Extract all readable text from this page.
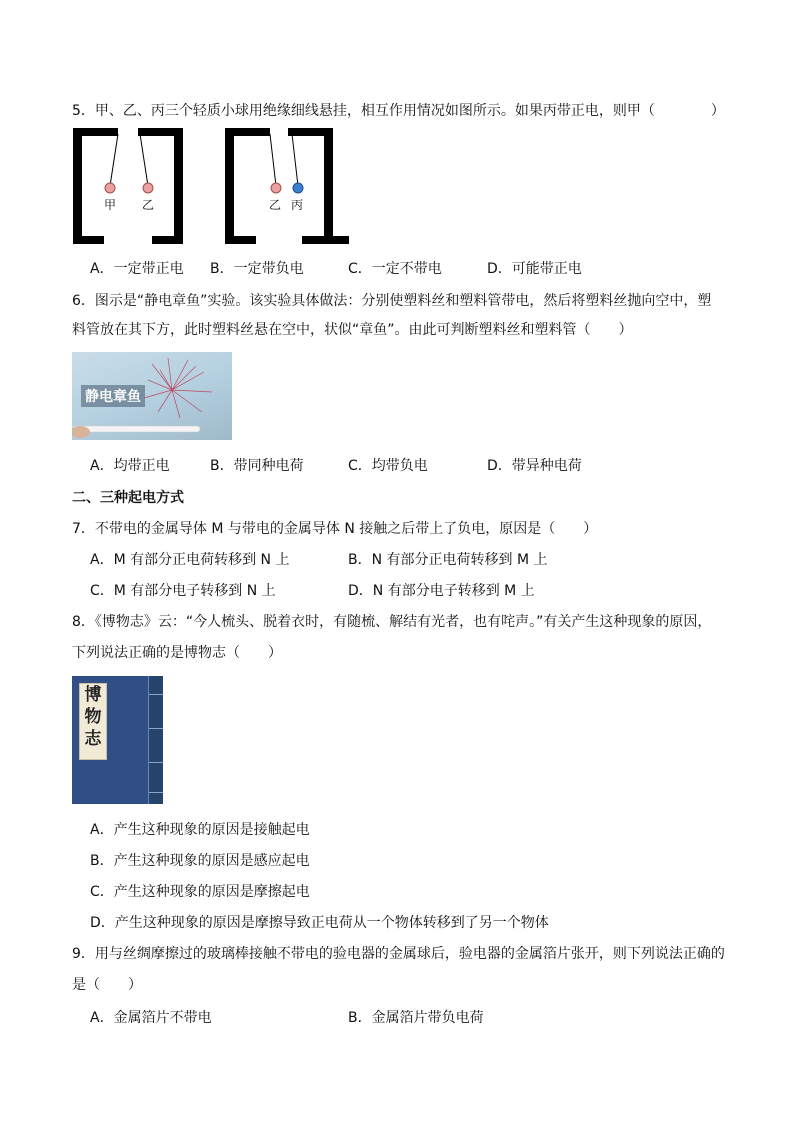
5．甲、乙、丙三个轻质小球用绝缘细线悬挂，相互作用情况如图所示。如果丙带正电，则甲（　　　　）
甲 乙	乙 丙
A．一定带正电 B．一定带负电	C．一定不带电	D．可能带正电
6．图示是“静电章鱼”实验。该实验具体做法：分别使塑料丝和塑料管带电，然后将塑料丝抛向空中，塑
料管放在其下方，此时塑料丝悬在空中，状似“章鱼”。由此可判断塑料丝和塑料管（　　）
静电章鱼
A．均带正电	B．带同种电荷	C．均带负电	D．带异种电荷
二、三种起电方式
7．不带电的金属导体 M 与带电的金属导体 N 接触之后带上了负电，原因是（　　）
A．M 有部分正电荷转移到 N 上	B．N 有部分正电荷转移到 M 上
C．M 有部分电子转移到 N 上	D．N 有部分电子转移到 M 上
8．《博物志》云：“今人梳头、脱着衣时，有随梳、解结有光者，也有咤声。”有关产生这种现象的原因，
下列说法正确的是博物志（　　）
博
物
志
A．产生这种现象的原因是接触起电
B．产生这种现象的原因是感应起电
C．产生这种现象的原因是摩擦起电
D．产生这种现象的原因是摩擦导致正电荷从一个物体转移到了另一个物体
9．用与丝绸摩擦过的玻璃棒接触不带电的验电器的金属球后，验电器的金属箔片张开，则下列说法正确的
是（　　）
A．金属箔片不带电	B．金属箔片带负电荷
